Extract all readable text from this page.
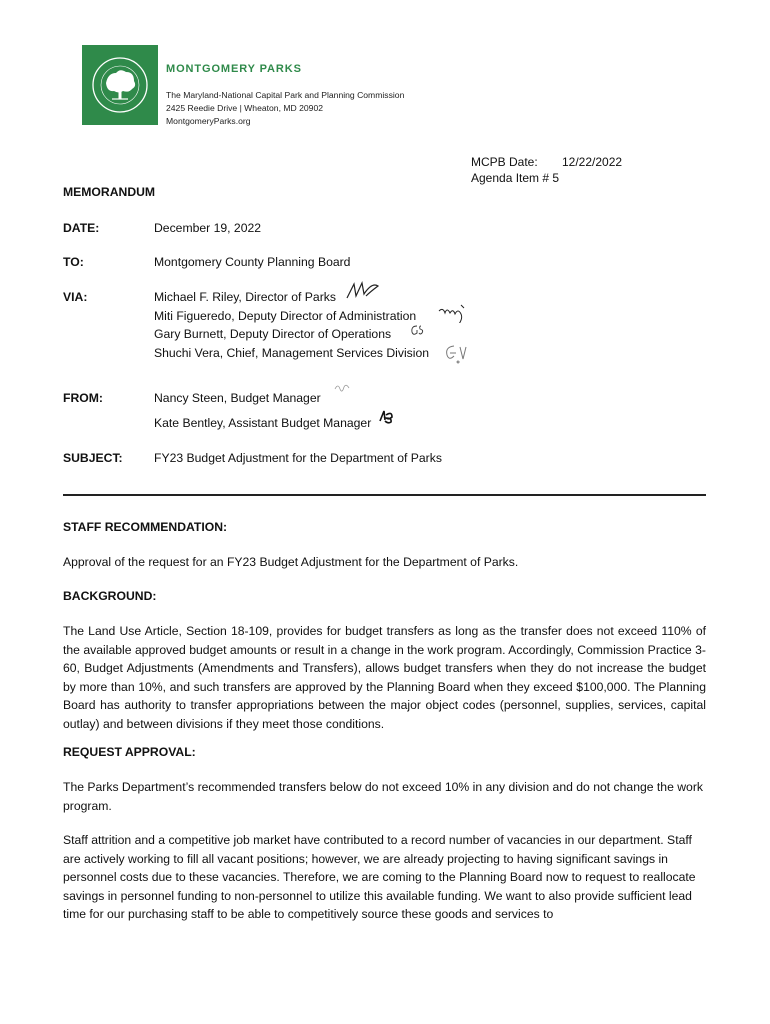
MONTGOMERY PARKS
The Maryland-National Capital Park and Planning Commission
2425 Reedie Drive | Wheaton, MD 20902
MontgomeryParks.org
MCPB Date: 12/22/2022
Agenda Item # 5
MEMORANDUM
DATE:	December 19, 2022
TO:	Montgomery County Planning Board
VIA:	Michael F. Riley, Director of Parks
Miti Figueredo, Deputy Director of Administration
Gary Burnett, Deputy Director of Operations
Shuchi Vera, Chief, Management Services Division
FROM:	Nancy Steen, Budget Manager
Kate Bentley, Assistant Budget Manager
SUBJECT:	FY23 Budget Adjustment for the Department of Parks
STAFF RECOMMENDATION:
Approval of the request for an FY23 Budget Adjustment for the Department of Parks.
BACKGROUND:
The Land Use Article, Section 18-109, provides for budget transfers as long as the transfer does not exceed 110% of the available approved budget amounts or result in a change in the work program. Accordingly, Commission Practice 3-60, Budget Adjustments (Amendments and Transfers), allows budget transfers when they do not increase the budget by more than 10%, and such transfers are approved by the Planning Board when they exceed $100,000. The Planning Board has authority to transfer appropriations between the major object codes (personnel, supplies, services, capital outlay) and between divisions if they meet those conditions.
REQUEST APPROVAL:
The Parks Department’s recommended transfers below do not exceed 10% in any division and do not change the work program.
Staff attrition and a competitive job market have contributed to a record number of vacancies in our department. Staff are actively working to fill all vacant positions; however, we are already projecting to having significant savings in personnel costs due to these vacancies. Therefore, we are coming to the Planning Board now to request to reallocate savings in personnel funding to non-personnel to utilize this available funding. We want to also provide sufficient lead time for our purchasing staff to be able to competitively source these goods and services to
